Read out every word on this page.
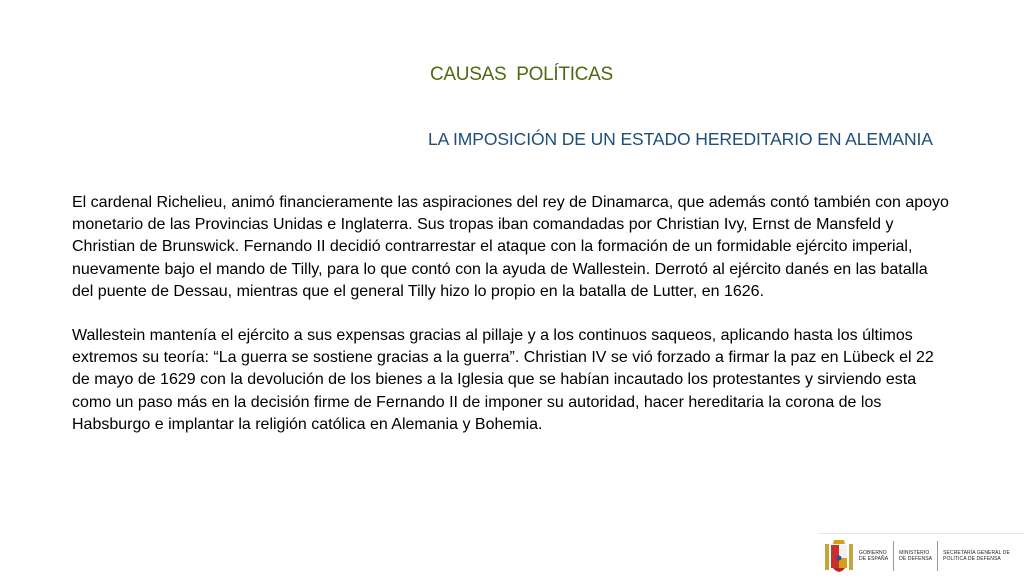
CAUSAS  POLÍTICAS
LA IMPOSICIÓN DE UN ESTADO HEREDITARIO EN ALEMANIA

El cardenal Richelieu, animó financieramente las aspiraciones del rey de Dinamarca, que además contó también con apoyo monetario de las Provincias Unidas e Inglaterra. Sus tropas iban comandadas por Christian Ivy, Ernst de Mansfeld y Christian de Brunswick. Fernando II decidió contrarrestar el ataque con la formación de un formidable ejército imperial, nuevamente bajo el mando de Tilly, para lo que contó con la ayuda de Wallestein. Derrotó al ejército danés en las batalla del puente de Dessau, mientras que el general Tilly hizo lo propio en la batalla de Lutter, en 1626.

Wallestein mantenía el ejército a sus expensas gracias al pillaje y a los continuos saqueos, aplicando hasta los últimos extremos su teoría: “La guerra se sostiene gracias a la guerra”. Christian IV se vió forzado a firmar la paz en Lübeck el 22 de mayo de 1629 con la devolución de los bienes a la Iglesia que se habían incautado los protestantes y sirviendo esta como un paso más en la decisión firme de Fernando II de imponer su autoridad, hacer hereditaria la corona de los Habsburgo e implantar la religión católica en Alemania y Bohemia.

GOBIERNO
DE ESPAÑA
MINISTERIO
DE DEFENSA
SECRETARÍA GENERAL DE
POLÍTICA DE DEFENSA
